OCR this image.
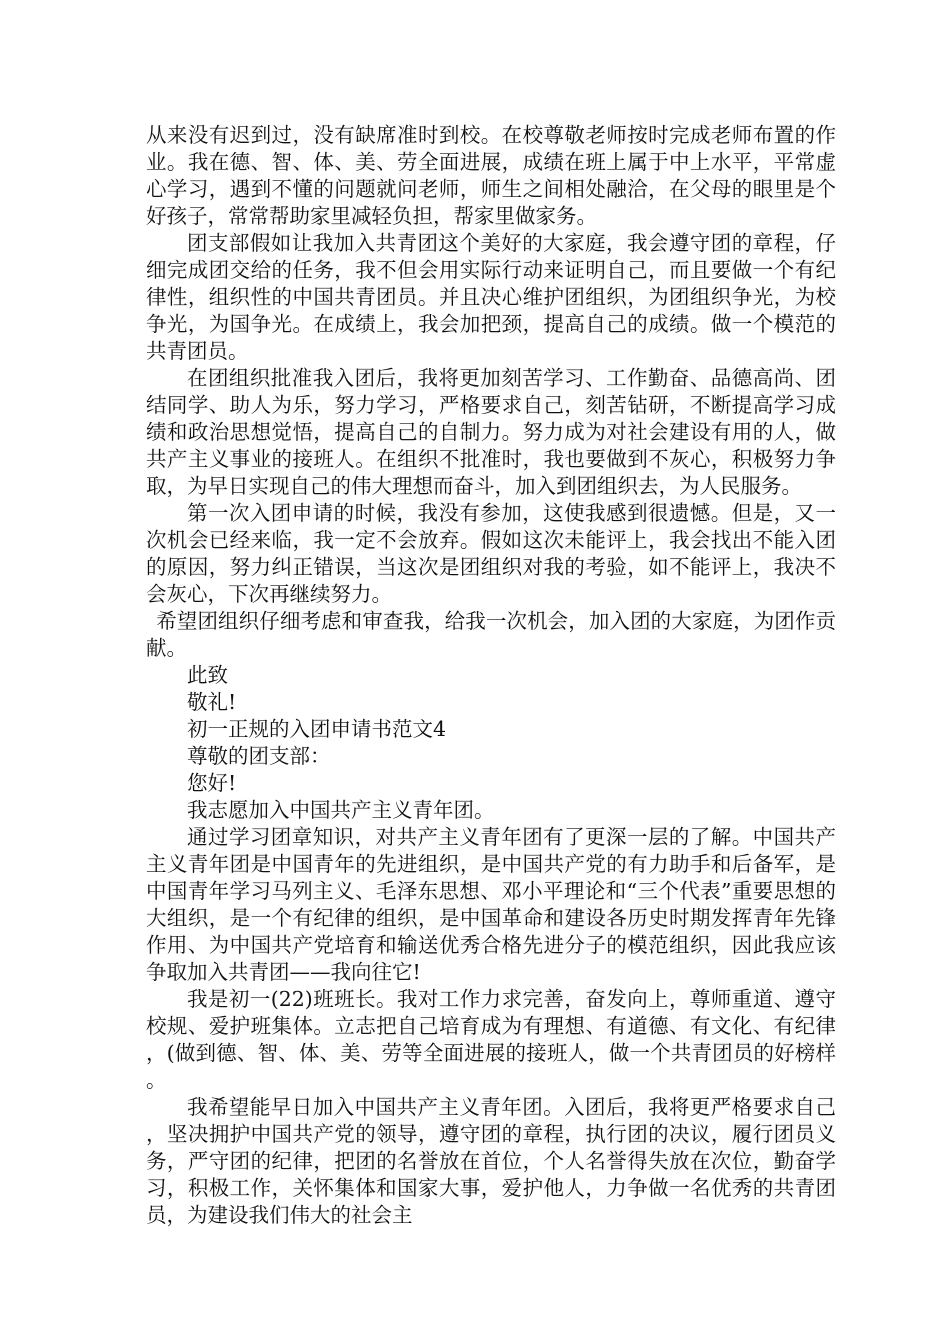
从来没有迟到过，没有缺席准时到校。在校尊敬老师按时完成老师布置的作业。我在德、智、体、美、劳全面进展，成绩在班上属于中上水平，平常虚心学习，遇到不懂的问题就问老师，师生之间相处融洽，在父母的眼里是个好孩子，常常帮助家里减轻负担，帮家里做家务。

团支部假如让我加入共青团这个美好的大家庭，我会遵守团的章程，仔细完成团交给的任务，我不但会用实际行动来证明自己，而且要做一个有纪律性，组织性的中国共青团员。并且决心维护团组织，为团组织争光，为校争光，为国争光。在成绩上，我会加把颈，提高自己的成绩。做一个模范的共青团员。

在团组织批准我入团后，我将更加刻苦学习、工作勤奋、品德高尚、团结同学、助人为乐，努力学习，严格要求自己，刻苦钻研，不断提高学习成绩和政治思想觉悟，提高自己的自制力。努力成为对社会建设有用的人，做共产主义事业的接班人。在组织不批准时，我也要做到不灰心，积极努力争取，为早日实现自己的伟大理想而奋斗，加入到团组织去，为人民服务。

第一次入团申请的时候，我没有参加，这使我感到很遗憾。但是，又一次机会已经来临，我一定不会放弃。假如这次未能评上，我会找出不能入团的原因，努力纠正错误，当这次是团组织对我的考验，如不能评上，我决不会灰心，下次再继续努力。

希望团组织仔细考虑和审查我，给我一次机会，加入团的大家庭，为团作贡献。

此致

敬礼!

初一正规的入团申请书范文4

尊敬的团支部：

您好!

我志愿加入中国共产主义青年团。

通过学习团章知识，对共产主义青年团有了更深一层的了解。中国共产主义青年团是中国青年的先进组织，是中国共产党的有力助手和后备军，是中国青年学习马列主义、毛泽东思想、邓小平理论和“三个代表”重要思想的大组织，是一个有纪律的组织，是中国革命和建设各历史时期发挥青年先锋作用、为中国共产党培育和输送优秀合格先进分子的模范组织，因此我应该争取加入共青团——我向往它!

我是初一(22)班班长。我对工作力求完善，奋发向上，尊师重道、遵守校规、爱护班集体。立志把自己培育成为有理想、有道德、有文化、有纪律，(做到德、智、体、美、劳等全面进展的接班人，做一个共青团员的好榜样。

我希望能早日加入中国共产主义青年团。入团后，我将更严格要求自己，坚决拥护中国共产党的领导，遵守团的章程，执行团的决议，履行团员义务，严守团的纪律，把团的名誉放在首位，个人名誉得失放在次位，勤奋学习，积极工作，关怀集体和国家大事，爱护他人，力争做一名优秀的共青团员，为建设我们伟大的社会主
